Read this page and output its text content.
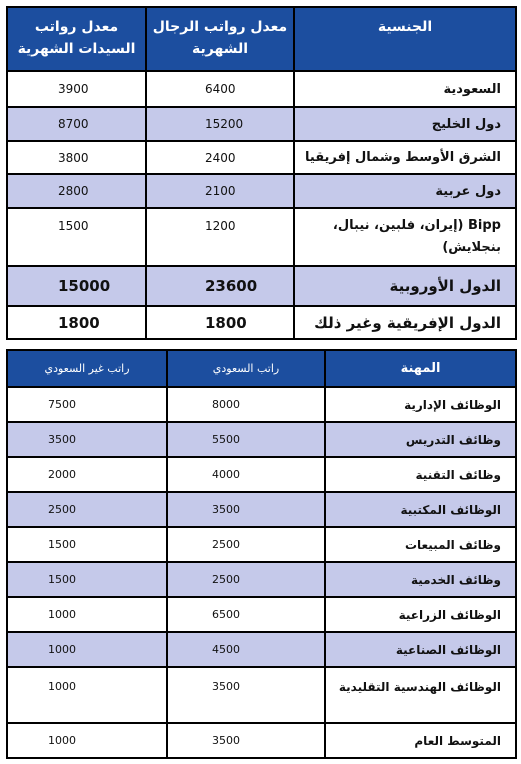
معدل رواتب السيدات الشهرية	معدل رواتب الرجال الشهرية	الجنسية
3900	6400	السعودية
8700	15200	دول الخليج
3800	2400	الشرق الأوسط وشمال إفريقيا
2800	2100	دول عربية
1500	1200	Bipp (إيران، فلبين، نيبال، بنجلايش)
15000	23600	الدول الأوروبية
1800	1800	الدول الإفريقية وغير ذلك
راتب غير السعودي	راتب السعودي	المهنة
7500	8000	الوظائف الإدارية
3500	5500	وظائف التدريس
2000	4000	وظائف التقنية
2500	3500	الوظائف المكتبية
1500	2500	وظائف المبيعات
1500	2500	وظائف الخدمية
1000	6500	الوظائف الزراعية
1000	4500	الوظائف الصناعية
1000	3500	الوظائف الهندسية التقليدية
1000	3500	المتوسط العام
